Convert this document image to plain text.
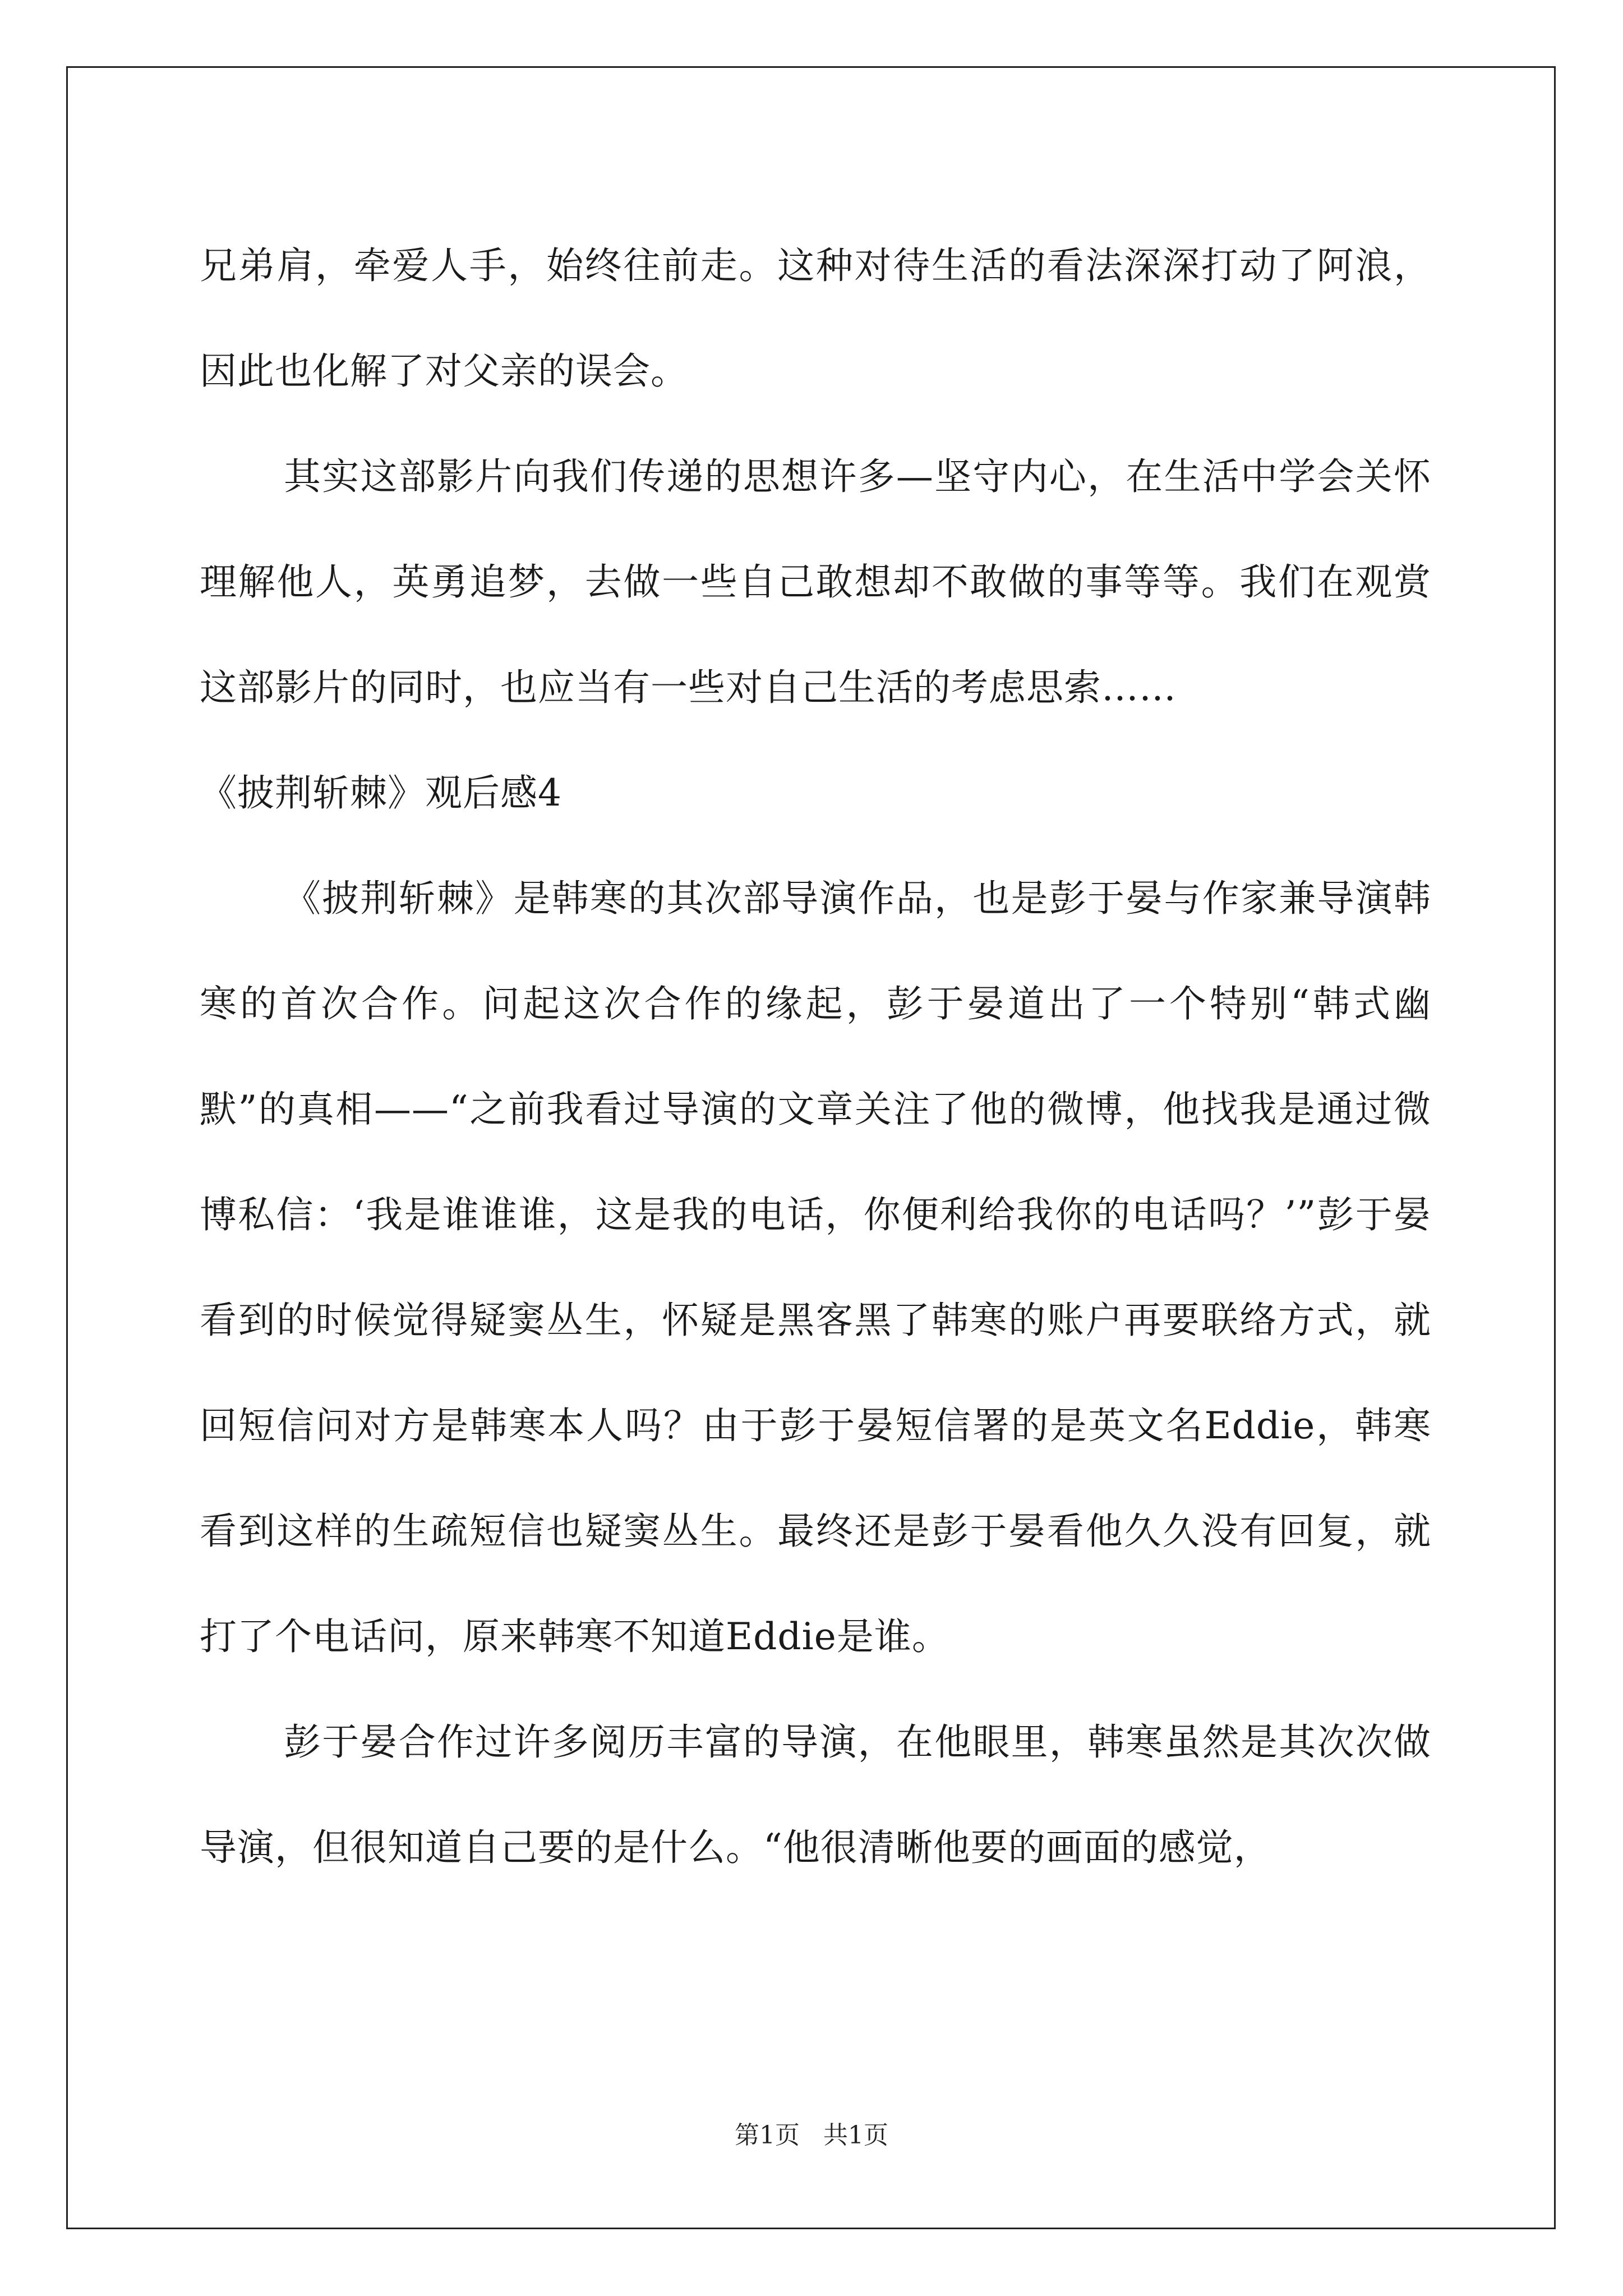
兄弟肩，牵爱人手，始终往前走。这种对待生活的看法深深打动了阿浪，因此也化解了对父亲的误会。

其实这部影片向我们传递的思想许多—坚守内心，在生活中学会关怀理解他人，英勇追梦，去做一些自己敢想却不敢做的事等等。我们在观赏这部影片的同时，也应当有一些对自己生活的考虑思索……

《披荆斩棘》观后感4

《披荆斩棘》是韩寒的其次部导演作品，也是彭于晏与作家兼导演韩寒的首次合作。问起这次合作的缘起，彭于晏道出了一个特别“韩式幽默”的真相——“之前我看过导演的文章关注了他的微博，他找我是通过微博私信：‘我是谁谁谁，这是我的电话，你便利给我你的电话吗？’”彭于晏看到的时候觉得疑窦丛生，怀疑是黑客黑了韩寒的账户再要联络方式，就回短信问对方是韩寒本人吗？由于彭于晏短信署的是英文名Eddie，韩寒看到这样的生疏短信也疑窦丛生。最终还是彭于晏看他久久没有回复，就打了个电话问，原来韩寒不知道Eddie是谁。

彭于晏合作过许多阅历丰富的导演，在他眼里，韩寒虽然是其次次做导演，但很知道自己要的是什么。“他很清晰他要的画面的感觉，

第1页 共1页
